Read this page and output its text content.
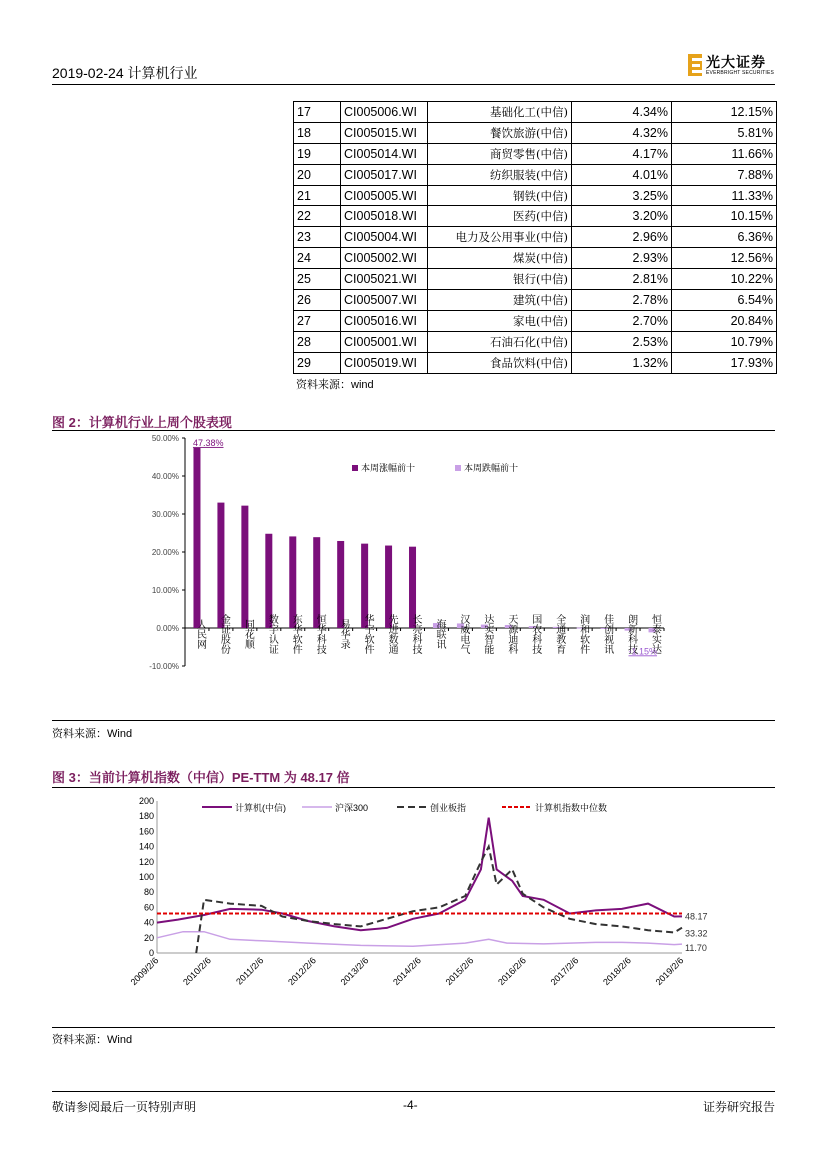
2019-02-24 计算机行业
光大证券
EVERBRIGHT SECURITIES
17	CI005006.WI	基础化工(中信)	4.34%	12.15%
18	CI005015.WI	餐饮旅游(中信)	4.32%	5.81%
19	CI005014.WI	商贸零售(中信)	4.17%	11.66%
20	CI005017.WI	纺织服装(中信)	4.01%	7.88%
21	CI005005.WI	钢铁(中信)	3.25%	11.33%
22	CI005018.WI	医药(中信)	3.20%	10.15%
23	CI005004.WI	电力及公用事业(中信)	2.96%	6.36%
24	CI005002.WI	煤炭(中信)	2.93%	12.56%
25	CI005021.WI	银行(中信)	2.81%	10.22%
26	CI005007.WI	建筑(中信)	2.78%	6.54%
27	CI005016.WI	家电(中信)	2.70%	20.84%
28	CI005001.WI	石油石化(中信)	2.53%	10.79%
29	CI005019.WI	食品饮料(中信)	1.32%	17.93%
资料来源：wind
图 2：计算机行业上周个股表现
50.00%
40.00%
30.00%
20.00%
10.00%
0.00%
-10.00%
人民网 金证股份 同花顺 数字认证 东华软件 恒华科技 易华录 华宇软件 先进数通 长亮科技 海联讯 汉威电气 达实智能 天源迪科 国农科技 全通教育 润和软件 佳创视讯 朗新科技 恒泰实达
47.38%
-1.15%
本周涨幅前十	本周跌幅前十
资料来源：Wind
图 3：当前计算机指数（中信）PE-TTM 为 48.17 倍
200
180
160
140
120
100
80
60
40
20
0
2009/2/6 2010/2/6 2011/2/6 2012/2/6 2013/2/6 2014/2/6 2015/2/6 2016/2/6 2017/2/6 2018/2/6 2019/2/6
计算机(中信)	沪深300	创业板指	计算机指数中位数
48.17
33.32
11.70
资料来源：Wind
敬请参阅最后一页特别声明	-4-	证券研究报告
